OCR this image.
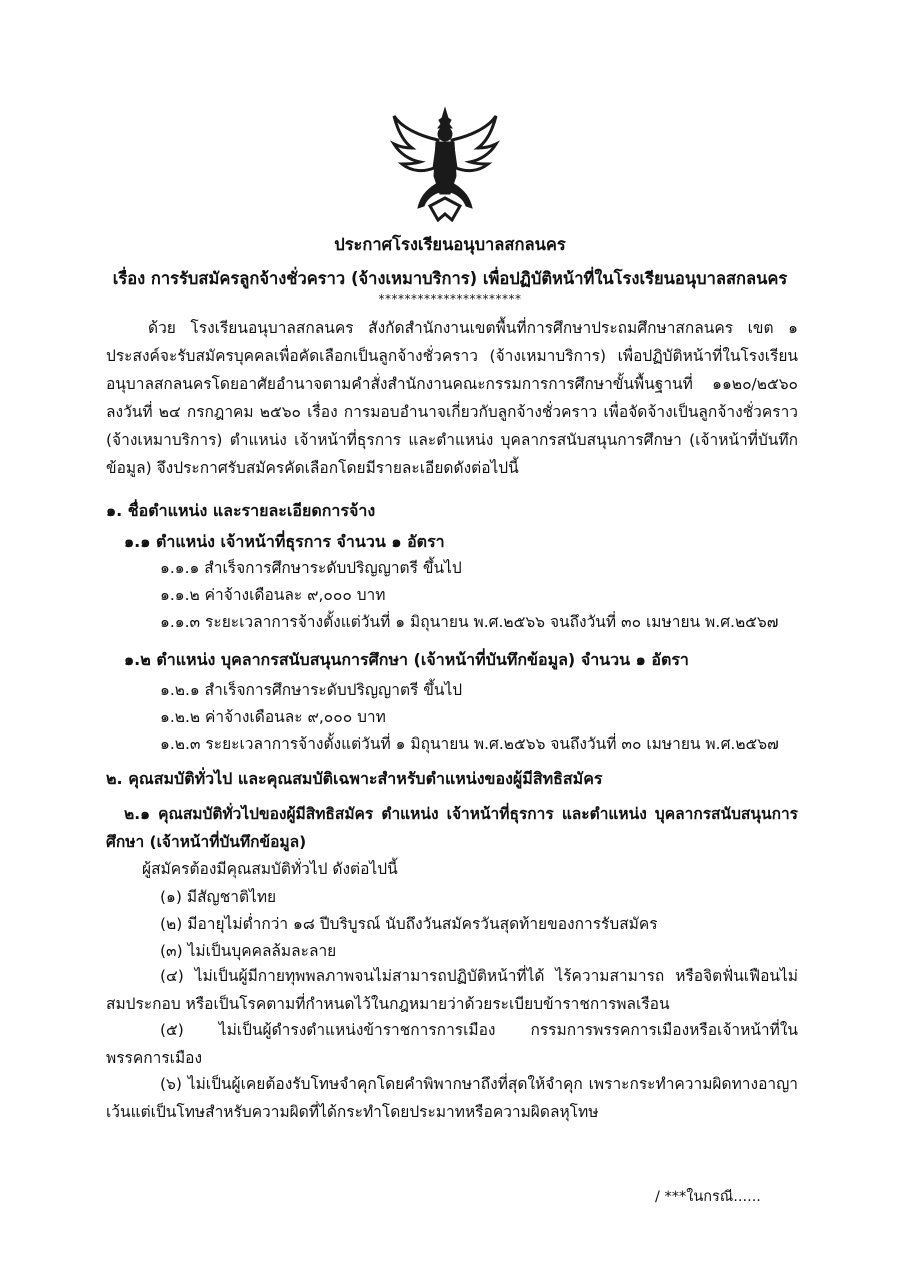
ประกาศโรงเรียนอนุบาลสกลนคร
เรื่อง การรับสมัครลูกจ้างชั่วคราว (จ้างเหมาบริการ) เพื่อปฏิบัติหน้าที่ในโรงเรียนอนุบาลสกลนคร
**********************
ด้วย โรงเรียนอนุบาลสกลนคร สังกัดสำนักงานเขตพื้นที่การศึกษาประถมศึกษาสกลนคร เขต ๑ ประสงค์จะรับสมัครบุคคลเพื่อคัดเลือกเป็นลูกจ้างชั่วคราว (จ้างเหมาบริการ) เพื่อปฏิบัติหน้าที่ในโรงเรียนอนุบาลสกลนครโดยอาศัยอำนาจตามคำสั่งสำนักงานคณะกรรมการการศึกษาขั้นพื้นฐานที่ ๑๑๒๐/๒๕๖๐ ลงวันที่ ๒๔ กรกฎาคม ๒๕๖๐ เรื่อง การมอบอำนาจเกี่ยวกับลูกจ้างชั่วคราว เพื่อจัดจ้างเป็นลูกจ้างชั่วคราว (จ้างเหมาบริการ) ตำแหน่ง เจ้าหน้าที่ธุรการ และตำแหน่ง บุคลากรสนับสนุนการศึกษา (เจ้าหน้าที่บันทึกข้อมูล) จึงประกาศรับสมัครคัดเลือกโดยมีรายละเอียดดังต่อไปนี้
๑. ชื่อตำแหน่ง และรายละเอียดการจ้าง
๑.๑ ตำแหน่ง เจ้าหน้าที่ธุรการ จำนวน ๑ อัตรา
๑.๑.๑ สำเร็จการศึกษาระดับปริญญาตรี ขึ้นไป
๑.๑.๒ ค่าจ้างเดือนละ ๙,๐๐๐ บาท
๑.๑.๓ ระยะเวลาการจ้างตั้งแต่วันที่ ๑ มิถุนายน พ.ศ.๒๕๖๖ จนถึงวันที่ ๓๐ เมษายน พ.ศ.๒๕๖๗
๑.๒ ตำแหน่ง บุคลากรสนับสนุนการศึกษา (เจ้าหน้าที่บันทึกข้อมูล) จำนวน ๑ อัตรา
๑.๒.๑ สำเร็จการศึกษาระดับปริญญาตรี ขึ้นไป
๑.๒.๒ ค่าจ้างเดือนละ ๙,๐๐๐ บาท
๑.๒.๓ ระยะเวลาการจ้างตั้งแต่วันที่ ๑ มิถุนายน พ.ศ.๒๕๖๖ จนถึงวันที่ ๓๐ เมษายน พ.ศ.๒๕๖๗
๒. คุณสมบัติทั่วไป และคุณสมบัติเฉพาะสำหรับตำแหน่งของผู้มีสิทธิสมัคร
๒.๑ คุณสมบัติทั่วไปของผู้มีสิทธิสมัคร ตำแหน่ง เจ้าหน้าที่ธุรการ และตำแหน่ง บุคลากรสนับสนุนการศึกษา (เจ้าหน้าที่บันทึกข้อมูล)
ผู้สมัครต้องมีคุณสมบัติทั่วไป ดังต่อไปนี้
(๑) มีสัญชาติไทย
(๒) มีอายุไม่ต่ำกว่า ๑๘ ปีบริบูรณ์ นับถึงวันสมัครวันสุดท้ายของการรับสมัคร
(๓) ไม่เป็นบุคคลล้มละลาย
(๔) ไม่เป็นผู้มีกายทุพพลภาพจนไม่สามารถปฏิบัติหน้าที่ได้ ไร้ความสามารถ หรือจิตฟั่นเฟือนไม่สมประกอบ หรือเป็นโรคตามที่กำหนดไว้ในกฎหมายว่าด้วยระเบียบข้าราชการพลเรือน
(๕) ไม่เป็นผู้ดำรงตำแหน่งข้าราชการการเมือง กรรมการพรรคการเมืองหรือเจ้าหน้าที่ในพรรคการเมือง
(๖) ไม่เป็นผู้เคยต้องรับโทษจำคุกโดยคำพิพากษาถึงที่สุดให้จำคุก เพราะกระทำความผิดทางอาญา เว้นแต่เป็นโทษสำหรับความผิดที่ได้กระทำโดยประมาทหรือความผิดลหุโทษ
/ ***ในกรณี......
